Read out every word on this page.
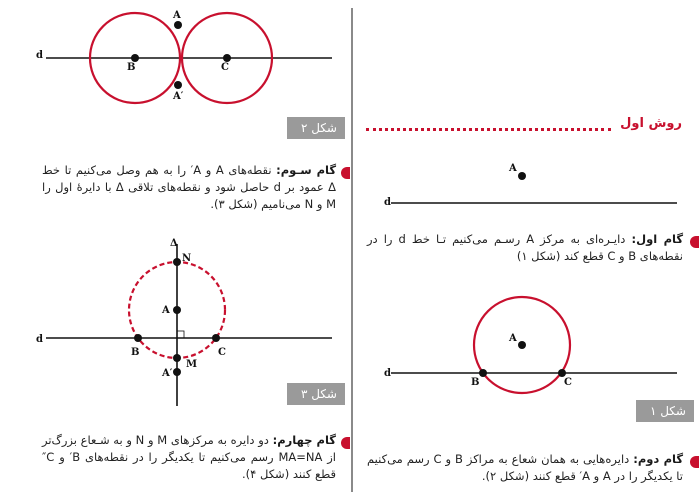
d
A
B	C
A′
شکل ۲
گام سـوم: نقطه‌های A و A′ را به هم وصل می‌کنیم تا خط Δ عمود بر d حاصل شود و نقطه‌های تلاقی Δ با دایرهٔ اول را M و N می‌نامیم (شکل ۳).
Δ
N
A
d
B	C
M
A′
شکل ۳
گام چهارم: دو دایره به مرکزهای M و N و به شـعاع بزرگ‌تر از MA=NA رسم می‌کنیم تا یکدیگر را در نقطه‌های B′ و C″ قطع کنند (شکل ۴).
روش اول
A
d
گام اول: دایـره‌ای به مرکز A رسـم می‌کنیم تـا خط d را در نقطه‌های B و C قطع کند (شکل ۱)
A
d
B	C
شکل ۱
گام دوم: دایره‌هایی به همان شعاع به مراکز B و C رسم می‌کنیم تا یکدیگر را در A و A′ قطع کنند (شکل ۲).
